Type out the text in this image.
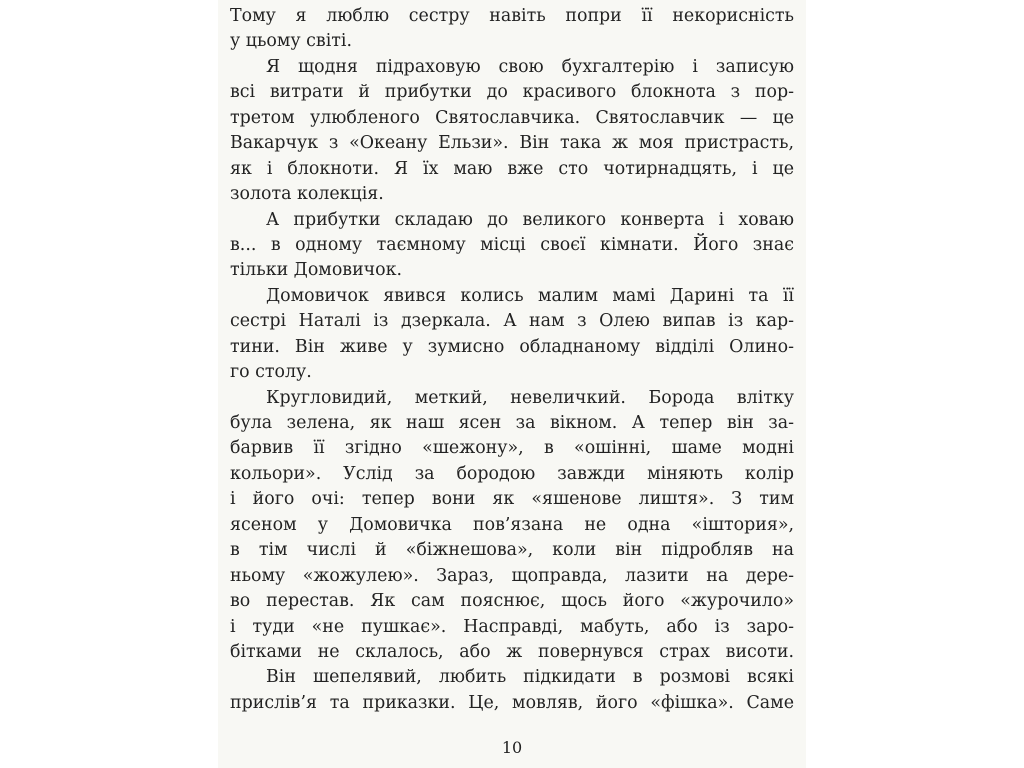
Тому я люблю сестру навіть попри її некорисність
у цьому світі.
Я щодня підраховую свою бухгалтерію і записую
всі витрати й прибутки до красивого блокнота з пор-
третом улюбленого Святославчика. Святославчик — це
Вакарчук з «Океану Ельзи». Він така ж моя пристрасть,
як і блокноти. Я їх маю вже сто чотирнадцять, і це
золота колекція.
А прибутки складаю до великого конверта і ховаю
в... в одному таємному місці своєї кімнати. Його знає
тільки Домовичок.
Домовичок явився колись малим мамі Дарині та її
сестрі Наталі із дзеркала. А нам з Олею випав із кар-
тини. Він живе у зумисно обладнаному відділі Олино-
го столу.
Кругловидий, меткий, невеличкий. Борода влітку
була зелена, як наш ясен за вікном. А тепер він за-
барвив її згідно «шежону», в «ошінні, шаме модні
кольори». Услід за бородою завжди міняють колір
і його очі: тепер вони як «яшенове лиштя». З тим
ясеном у Домовичка пов’язана не одна «іштория»,
в тім числі й «біжнешова», коли він підробляв на
ньому «жожулею». Зараз, щоправда, лазити на дере-
во перестав. Як сам пояснює, щось його «журочило»
і туди «не пушкає». Насправді, мабуть, або із зaро-
бітками не склалось, або ж повернувся страх висоти.
Він шепелявий, любить підкидати в розмові всякі
прислів’я та приказки. Це, мовляв, його «фішка». Саме
10
